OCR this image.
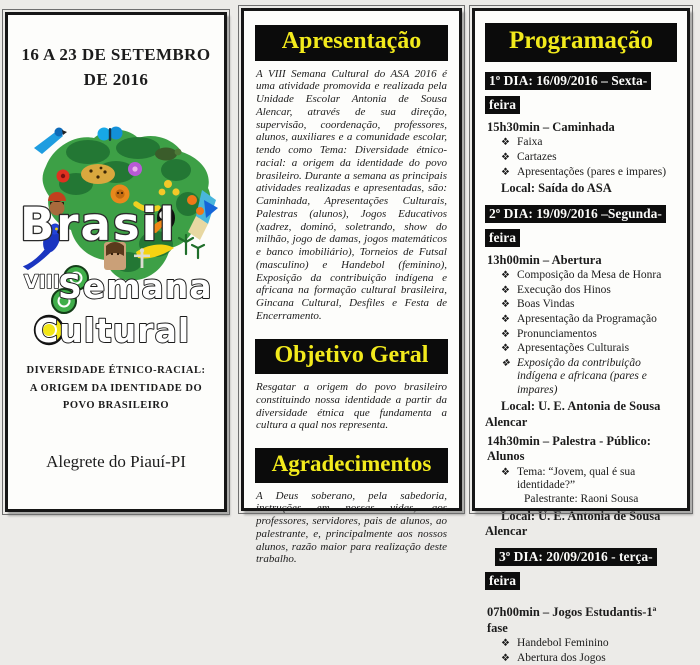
16 A 23 DE SETEMBRO DE 2016
Brasil
VIII
Semana
Cultural
DIVERSIDADE ÉTNICO-RACIAL:
A ORIGEM DA IDENTIDADE DO POVO BRASILEIRO
Alegrete do Piauí-PI
Apresentação

A VIII Semana Cultural do ASA 2016 é uma atividade promovida e realizada pela Unidade Escolar Antonia de Sousa Alencar, através de sua direção, supervisão, coordenação, professores, alunos, auxiliares e a comunidade escolar, tendo como Tema: Diversidade étnico-racial: a origem da identidade do povo brasileiro. Durante a semana as principais atividades realizadas e apresentadas, são: Caminhada, Apresentações Culturais, Palestras (alunos), Jogos Educativos (xadrez, dominó, soletrando, show do milhão, jogo de damas, jogos matemáticos e banco imobiliário), Torneios de Futsal (masculino) e Handebol (feminino), Exposição da contribuição indígena e africana na formação cultural brasileira, Gincana Cultural, Desfiles e Festa de Encerramento.

Objetivo Geral

Resgatar a origem do povo brasileiro constituindo nossa identidade a partir da diversidade étnica que fundamenta a cultura a qual nos representa.

Agradecimentos

A Deus soberano, pela sabedoria, instruções em nossas vidas, aos professores, servidores, pais de alunos, ao palestrante, e, principalmente aos nossos alunos, razão maior para realização deste trabalho.

Programação
1º DIA: 16/09/2016 – Sexta-feira
15h30min – Caminhada
❖ Faixa
❖ Cartazes
❖ Apresentações (pares e impares)
Local: Saída do ASA
2º DIA: 19/09/2016 –Segunda-feira
13h00min – Abertura
❖ Composição da Mesa de Honra
❖ Execução dos Hinos
❖ Boas Vindas
❖ Apresentação da Programação
❖ Pronunciamentos
❖ Apresentações Culturais
❖ Exposição da contribuição indígena e africana (pares e impares)
Local: U. E. Antonia de Sousa Alencar
14h30min – Palestra - Público: Alunos
❖ Tema: “Jovem, qual é sua identidade?”
Palestrante: Raoni Sousa
Local: U. E. Antonia de Sousa Alencar
3º DIA: 20/09/2016 - terça-feira
07h00min – Jogos Estudantis-1ª fase
❖ Handebol Feminino
❖ Abertura dos Jogos
